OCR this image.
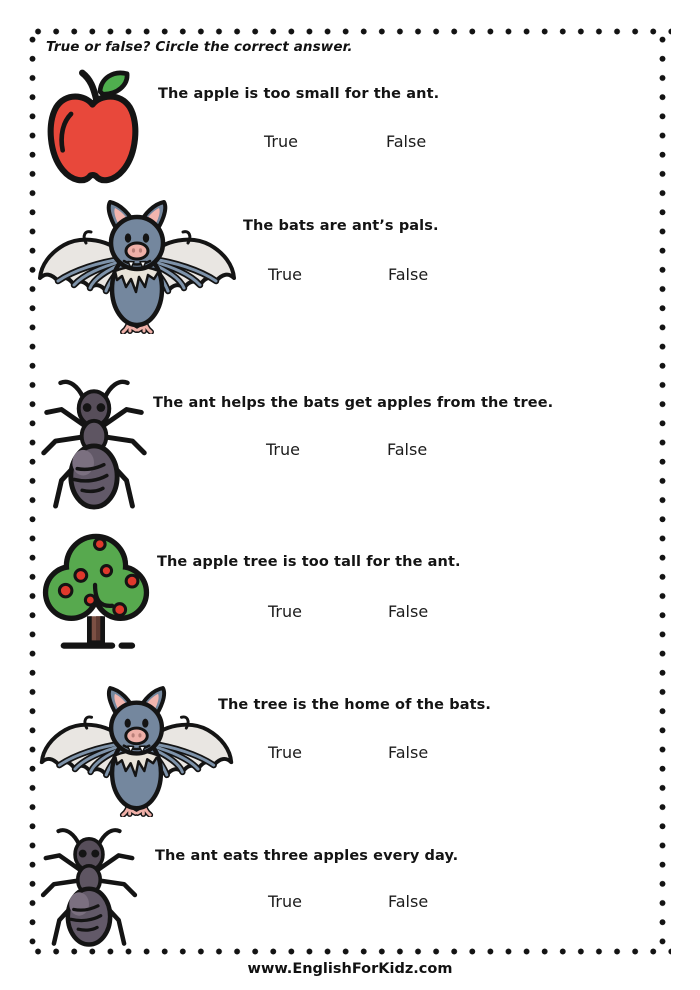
True or false? Circle the correct answer.
The apple is too small for the ant.
True	False
The bats are ant’s pals.
True	False
The ant helps the bats get apples from the tree.
True	False
The apple tree is too tall for the ant.
True	False
The tree is the home of the bats.
True	False
The ant eats three apples every day.
True	False
www.EnglishForKidz.com
